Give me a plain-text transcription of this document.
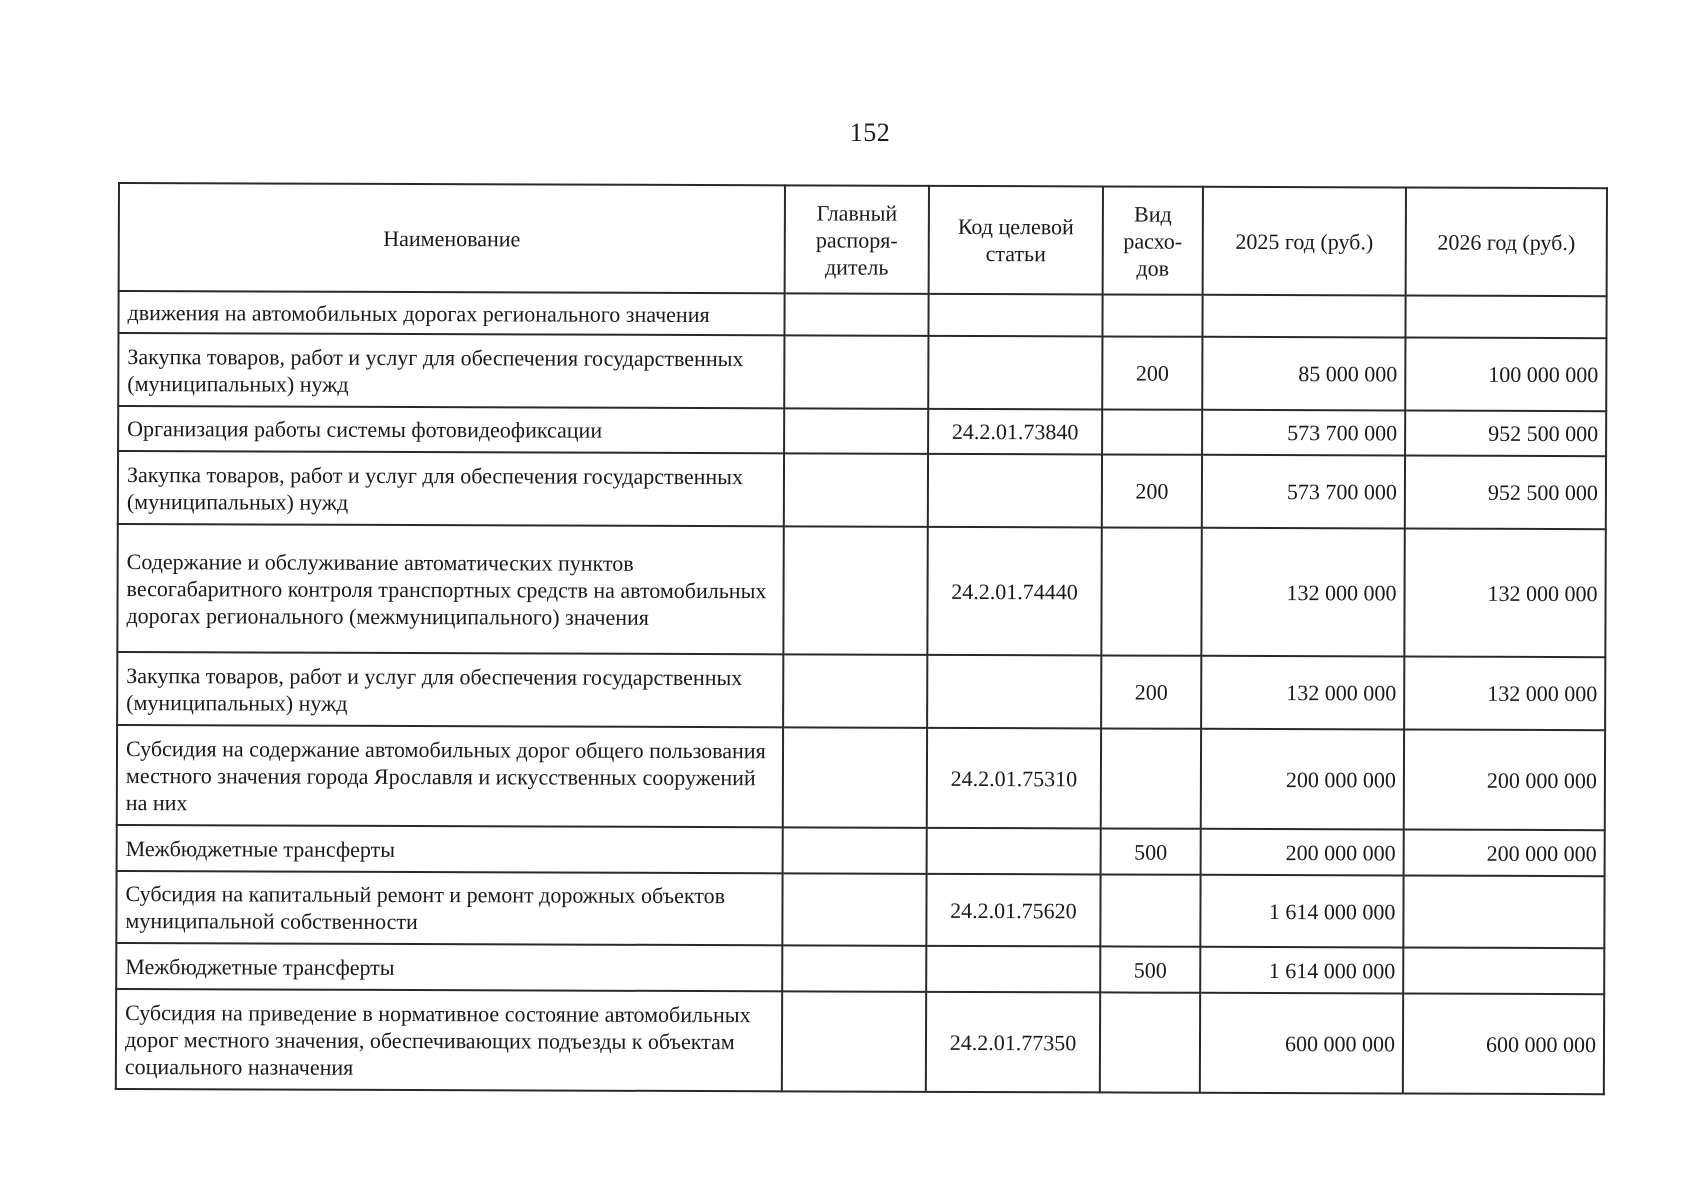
152
Наименование	Главный распоря-дитель	Код целевой статьи	Вид расхо-дов	2025 год (руб.)	2026 год (руб.)
движения на автомобильных дорогах регионального значения					
Закупка товаров, работ и услуг для обеспечения государственных (муниципальных) нужд			200	85 000 000	100 000 000
Организация работы системы фотовидеофиксации		24.2.01.73840		573 700 000	952 500 000
Закупка товаров, работ и услуг для обеспечения государственных (муниципальных) нужд			200	573 700 000	952 500 000
Содержание и обслуживание автоматических пунктов весогабаритного контроля транспортных средств на автомобильных дорогах регионального (межмуниципального) значения		24.2.01.74440		132 000 000	132 000 000
Закупка товаров, работ и услуг для обеспечения государственных (муниципальных) нужд			200	132 000 000	132 000 000
Субсидия на содержание автомобильных дорог общего пользования местного значения города Ярославля и искусственных сооружений на них		24.2.01.75310		200 000 000	200 000 000
Межбюджетные трансферты			500	200 000 000	200 000 000
Субсидия на капитальный ремонт и ремонт дорожных объектов муниципальной собственности		24.2.01.75620		1 614 000 000	
Межбюджетные трансферты			500	1 614 000 000	
Субсидия на приведение в нормативное состояние автомобильных дорог местного значения, обеспечивающих подъезды к объектам социального назначения		24.2.01.77350		600 000 000	600 000 000
